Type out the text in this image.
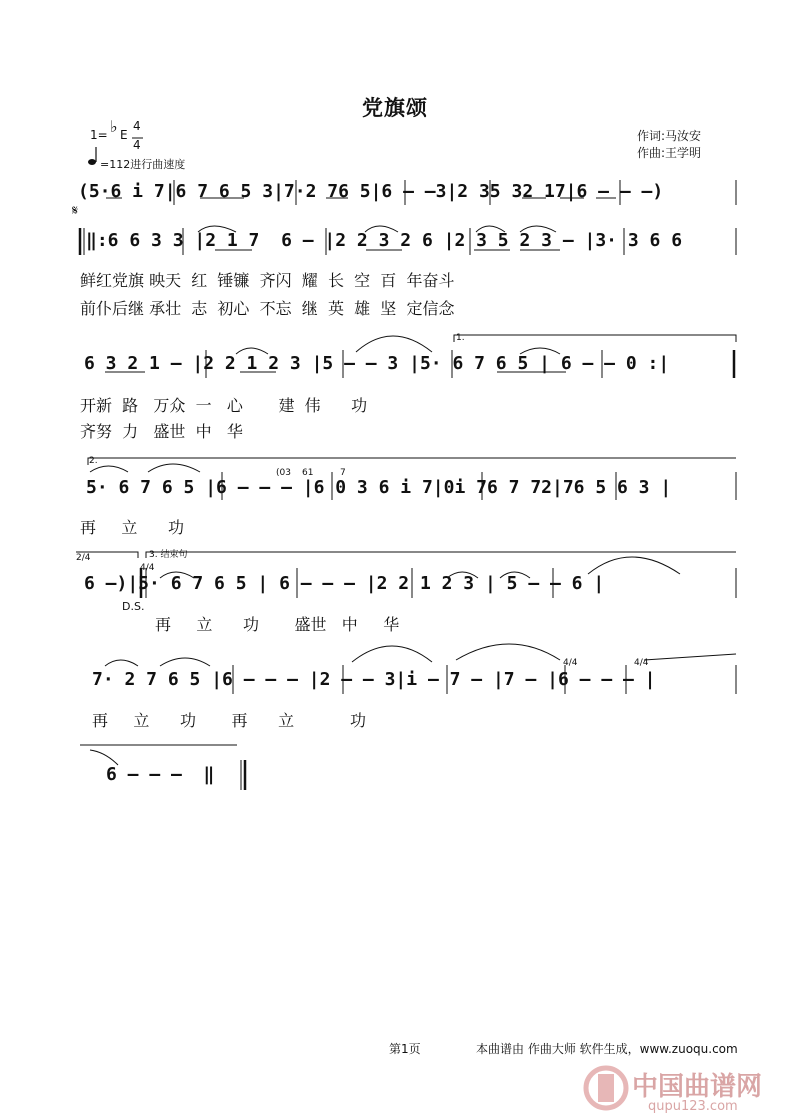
党旗颂
1= ♭ E
4
4
=112进行曲速度
作词:马汝安
作曲:王学明
𝄋
(5·6 i 7|6 7 6 5 3|7·2 76 5|6 – –3|2 35 32 17|6 – – –)
‖:6 6 3 3 |2 1 7  6 – |2 2 3 2 6 |2 3 5 2 3 – |3· 3 6 6
鲜红党旗 映天  红  锤镰  齐闪  耀  长  空  百  年奋斗
前仆后继 承壮  志  初心  不忘  继  英  雄  坚  定信念
1.
6 3 2 1 – |2 2 1 2 3 |5 – – 3 |5· 6 7 6 5 | 6 – – 0 :|
开新  路   万众  一   心       建  伟      功
齐努  力   盛世  中   华
2.
(03 61	7
5· 6 7 6 5 |6 – – – |6 0 3 6 i 7|0i 76 7 72|76 5 6 3 |
再     立      功
2/4
4/4
3. 结束句
6 –)|5· 6 7 6 5 | 6 – – – |2 2 1 2 3 | 5 – – 6 |
D.S.
再     立      功       盛世   中     华
4/4	4/4
7· 2 7 6 5 |6 – – – |2 – – 3|i – 7 – |7 – |6 – – – |
再     立      功       再      立           功
6 – – –  ‖
第1页	本曲谱由 作曲大师 软件生成，www.zuoqu.com
中国曲谱网
qupu123.com
